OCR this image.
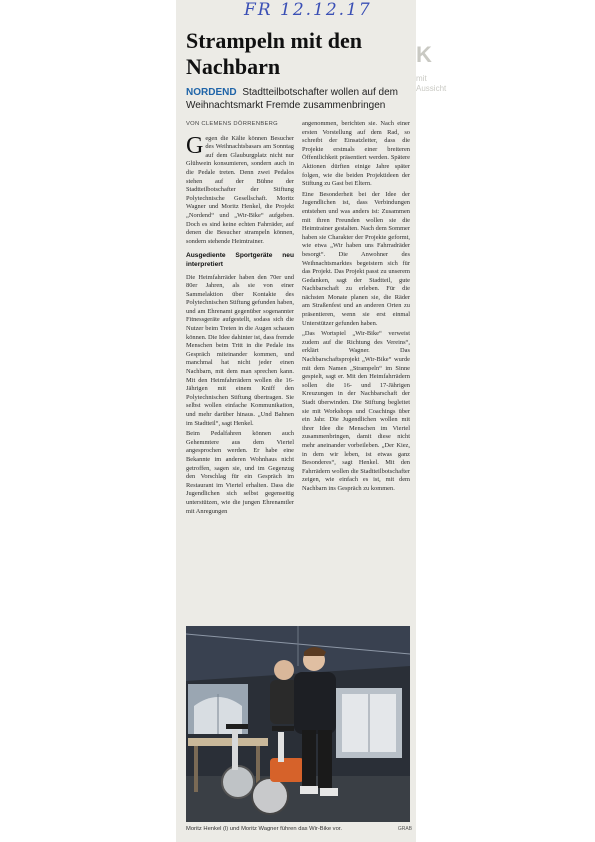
K
mit Aussicht
FR 12.12.17
Strampeln mit den Nachbarn
NORDEND Stadtteilbotschafter wollen auf dem Weihnachtsmarkt Fremde zusammenbringen
VON CLEMENS DÖRRENBERG

Gegen die Kälte können Besucher des Weihnachtsbasars am Sonntag auf dem Glauburgplatz nicht nur Glühwein konsumieren, sondern auch in die Pedale treten. Denn zwei Pedalos stehen auf der Bühne der Stadtteilbotschafter der Stiftung Polytechnische Gesellschaft. Moritz Wagner und Moritz Henkel, die Projekt „Nordend“ und „Wir-Bike“ aufgeben. Doch es sind keine echten Fahrräder, auf denen die Besucher strampeln können, sondern stehende Heimtrainer.

Ausgediente Sportgeräte neu interpretiert

Die Heimfahrräder haben den 70er und 80er Jahren, als sie von einer Sammelaktion über Kontakte des Polytechnischen Stiftung gefunden haben, und am Ehrenamt gegenüber sogenannter Fitnessgeräte aufgestellt, sodass sich die Nutzer beim Treten in die Augen schauen können. Die Idee dahinter ist, dass fremde Menschen beim Tritt in die Pedale ins Gespräch miteinander kommen, und manchmal hat nicht jeder einen Nachbarn, mit dem man sprechen kann. Mit den Heimfahrrädern wollen die 16-Jährigen mit einem Kniff den Polytechnischen Stiftung übertragen. Sie selbst wollen einfache Kommunikation, und mehr darüber hinaus. „Und Bahnen im Stadtteil“, sagt Henkel.

Beim Pedalfahren können auch Gehemmtere aus dem Viertel angesprochen werden. Er habe eine Bekannte im anderen Wohnhaus nicht getroffen, sagen sie, und im Gegenzug den Vorschlag für ein Gespräch im Restaurant im Viertel erhalten. Dass die Jugendlichen sich selbst gegenseitig unterstützen, wie die jungen Ehrenamtler mit Anregungen

angenommen, berichten sie. Nach einer ersten Vorstellung auf dem Rad, so schreibt der Einsatzleiter, dass die Projekte erstmals einer breiteren Öffentlichkeit präsentiert werden. Spätere Aktionen dürften einige Jahre später folgen, wie die beiden Projektideen der Stiftung zu Gast bei Eltern.

Eine Besonderheit bei der Idee der Jugendlichen ist, dass Verbindungen entstehen und was anders ist: Zusammen mit ihren Freunden wollen sie die Heimtrainer gestalten. Nach dem Sommer haben sie Charakter der Projekte geformt, wie etwa „Wir haben uns Fahrradräder besorgt“. Die Anwohner des Weihnachtsmarktes begeistern sich für das Projekt. Das Projekt passt zu unserem Gedanken, sagt der Stadtteil, gute Nachbarschaft zu erleben. Für die nächsten Monate planen sie, die Räder am Straßenfest und an anderen Orten zu präsentieren, wenn sie erst einmal Unterstützer gefunden haben.

„Das Wortspiel „Wir-Bike“ verweist zudem auf die Richtung des Vereins“, erklärt Wagner. Das Nachbarschaftsprojekt „Wir-Bike“ wurde mit dem Namen „Strampeln“ im Sinne gespielt, sagt er. Mit den Heimfahrrädern sollen die 16- und 17-Jährigen Kreuzungen in der Nachbarschaft der Stadt überwinden. Die Stiftung begleitet sie mit Workshops und Coachings über ein Jahr. Die Jugendlichen wollen mit ihrer Idee die Menschen im Viertel zusammenbringen, damit diese nicht mehr aneinander vorbeileben. „Der Kiez, in dem wir leben, ist etwas ganz Besonderes“, sagt Henkel. Mit den Fahrrädern wollen die Stadtteilbotschafter zeigen, wie einfach es ist, mit dem Nachbarn ins Gespräch zu kommen.

Moritz Henkel (l) und Moritz Wagner führen das Wir-Bike vor.	GRAB
